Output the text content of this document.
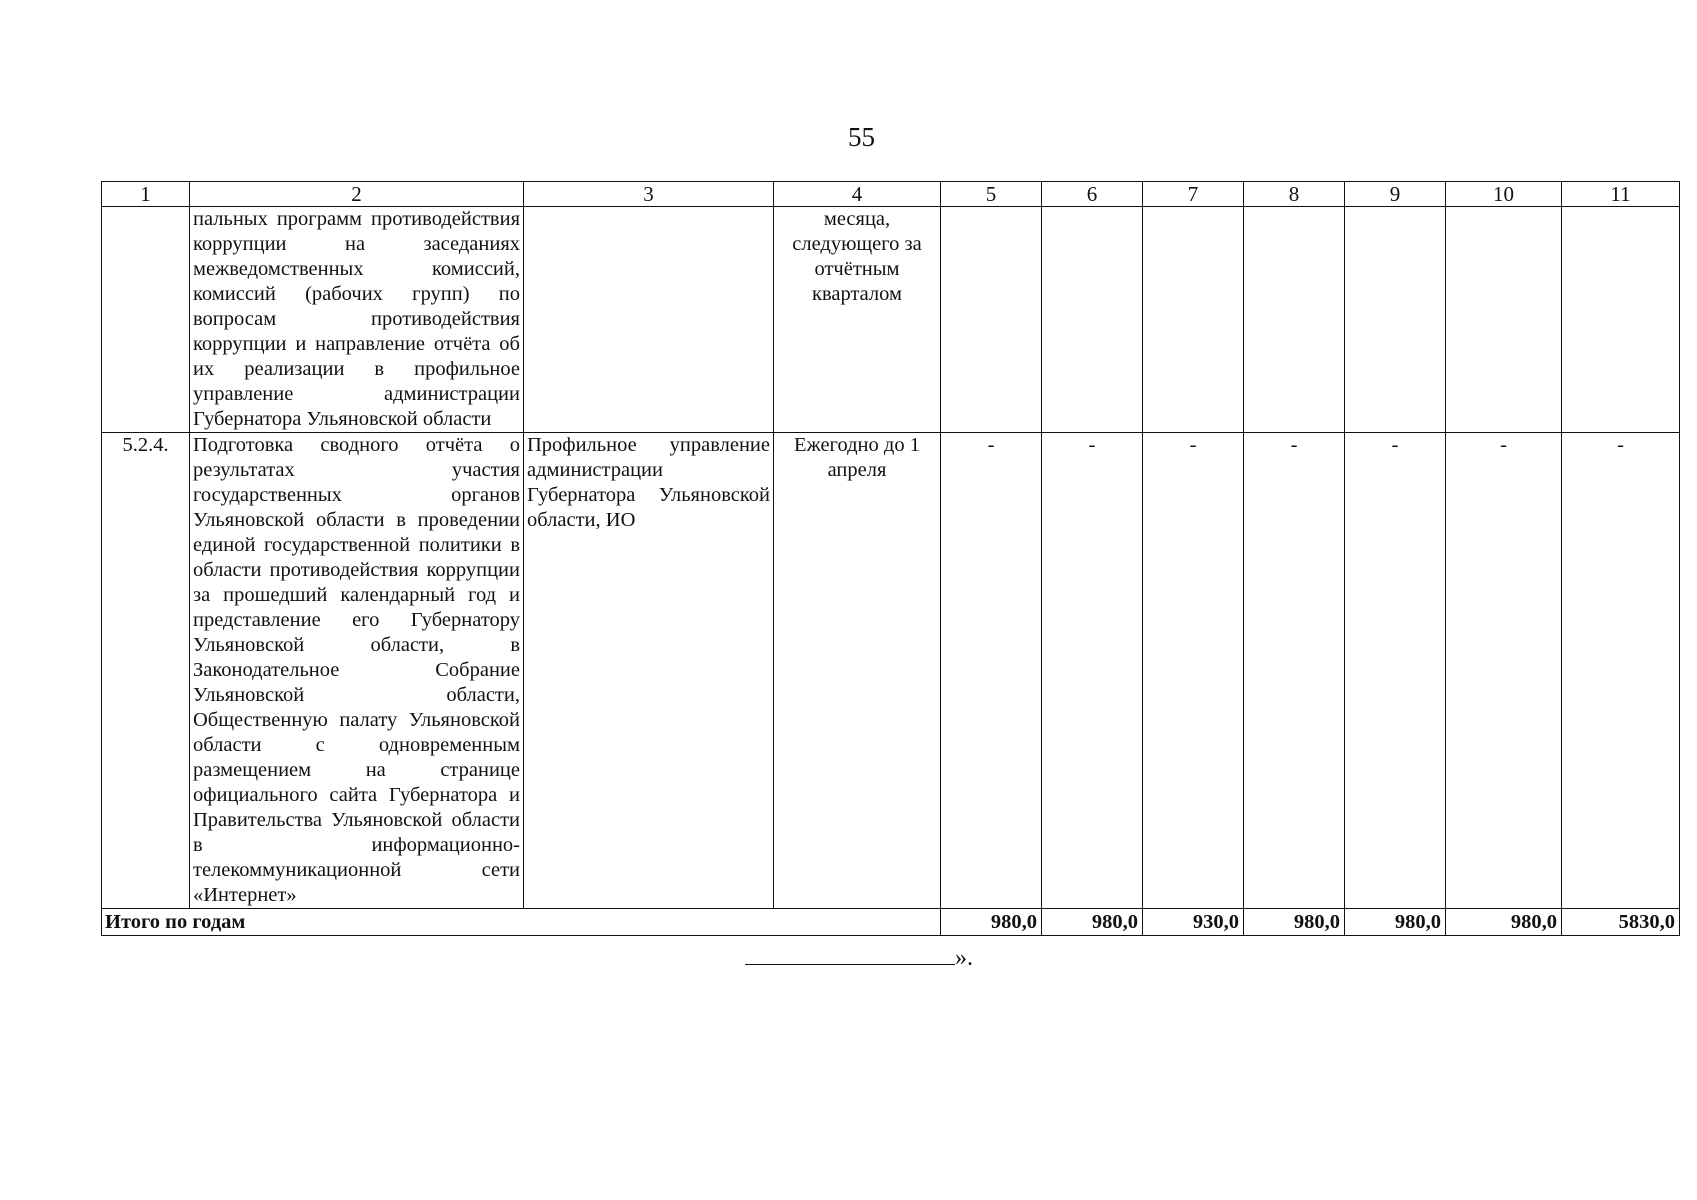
55
1	2	3	4	5	6	7	8	9	10	11
	пальных программ противодействия коррупции на заседаниях межведомственных комиссий, комиссий (рабочих групп) по вопросам противодействия коррупции и направление отчёта об их реализации в профильное управление администрации Губернатора Ульяновской области		месяца, следующего за отчётным кварталом							
5.2.4.	Подготовка сводного отчёта о результатах участия государственных органов Ульяновской области в проведении единой государственной политики в области противодействия коррупции за прошедший календарный год и представление его Губернатору Ульяновской области, в Законодательное Собрание Ульяновской области, Общественную палату Ульяновской области с одновременным размещением на странице официального сайта Губернатора и Правительства Ульяновской области в информационно-телекоммуникационной сети «Интернет»	Профильное управление администрации Губернатора Ульяновской области, ИО	Ежегодно до 1 апреля	-	-	-	-	-	-	-
Итого по годам				980,0	980,0	930,0	980,0	980,0	980,0	5830,0
».
